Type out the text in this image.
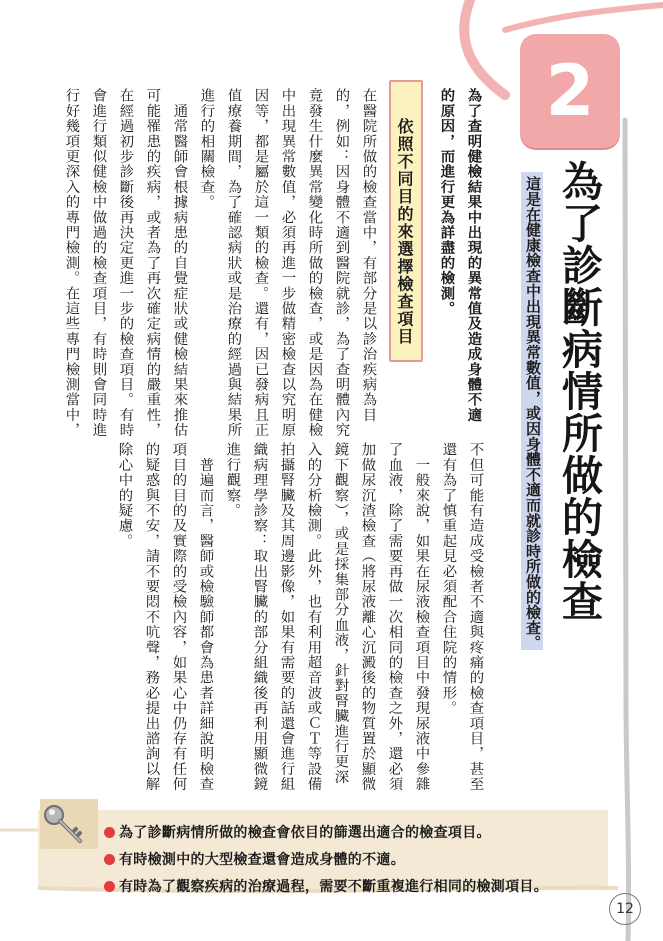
2
為了診斷病情所做的檢查
這是在健康檢查中出現異常數值，或因身體不適而就診時所做的檢查。
為了查明健檢結果中出現的異常值及造成身體不適
的原因，而進行更為詳盡的檢測。
依照不同目的來選擇檢查項目
在醫院所做的檢查當中，有部分是以診治疾病為目
的，例如：因身體不適到醫院就診，為了查明體內究
竟發生什麼異常變化時所做的檢查，或是因為在健檢
中出現異常數值，必須再進一步做精密檢查以究明原
因等，都是屬於這一類的檢查。還有，因已發病且正
值療養期間，為了確認病狀或是治療的經過與結果所
進行的相關檢查。
　通常醫師會根據病患的自覺症狀或健檢結果來推估
可能罹患的疾病，或者為了再次確定病情的嚴重性，
在經過初步診斷後再決定更進一步的檢查項目。有時
會進行類似健檢中做過的檢查項目，有時則會同時進
行好幾項更深入的專門檢測。在這些專門檢測當中，
不但可能有造成受檢者不適與疼痛的檢查項目，甚至
還有為了慎重起見必須配合住院的情形。
　一般來說，如果在尿液檢查項目中發現尿液中參雜
了血液，除了需要再做一次相同的檢查之外，還必須
加做尿沉渣檢查（將尿液離心沉澱後的物質置於顯微
鏡下觀察），或是採集部分血液，針對腎臟進行更深
入的分析檢測。此外，也有利用超音波或ＣＴ等設備
拍攝腎臟及其周邊影像，如果有需要的話還會進行組
織病理學診察：取出腎臟的部分組織後再利用顯微鏡
進行觀察。
　普遍而言，醫師或檢驗師都會為患者詳細說明檢查
項目的目的及實際的受檢內容，如果心中仍存有任何
的疑惑與不安，請不要悶不吭聲，務必提出諮詢以解
除心中的疑慮。
為了診斷病情所做的檢查會依目的篩選出適合的檢查項目。
有時檢測中的大型檢查還會造成身體的不適。
有時為了觀察疾病的治療過程，需要不斷重複進行相同的檢測項目。
12
